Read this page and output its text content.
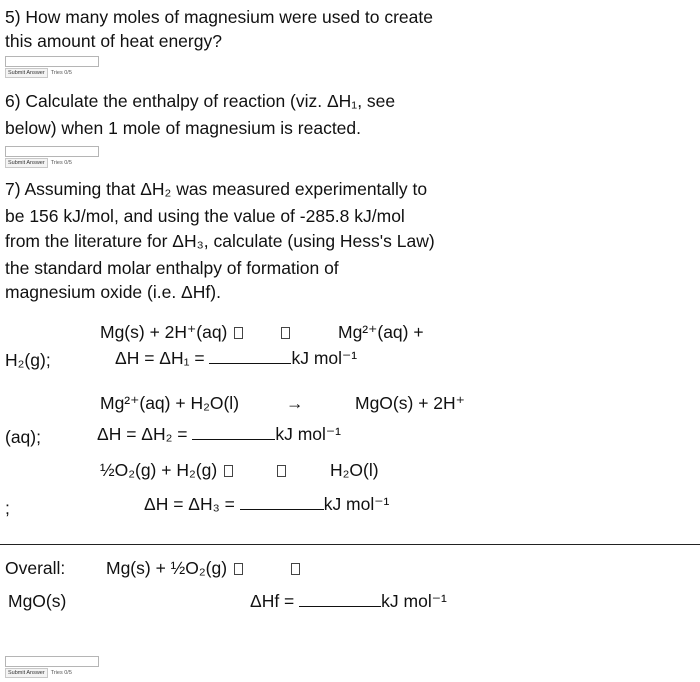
5) How many moles of magnesium were used to create
this amount of heat energy?
Submit Answer Tries 0/5
6) Calculate the enthalpy of reaction (viz. ΔH₁, see
below) when 1 mole of magnesium is reacted.
Submit Answer Tries 0/5
7) Assuming that ΔH₂ was measured experimentally to
be 156 kJ/mol, and using the value of -285.8 kJ/mol
from the literature for ΔH₃, calculate (using Hess's Law)
the standard molar enthalpy of formation of
magnesium oxide (i.e. ΔHf).
Mg(s) + 2H⁺(aq)	Mg²⁺(aq) +
H₂(g);	ΔH = ΔH₁ =	kJ mol⁻¹
Mg²⁺(aq) + H₂O(l)	→	MgO(s) + 2H⁺
(aq);	ΔH = ΔH₂ =	kJ mol⁻¹
½O₂(g) + H₂(g)	H₂O(l)
;	ΔH = ΔH₃ =	kJ mol⁻¹
Overall: Mg(s) + ½O₂(g)
MgO(s)	ΔHf =	kJ mol⁻¹
Submit Answer Tries 0/5
